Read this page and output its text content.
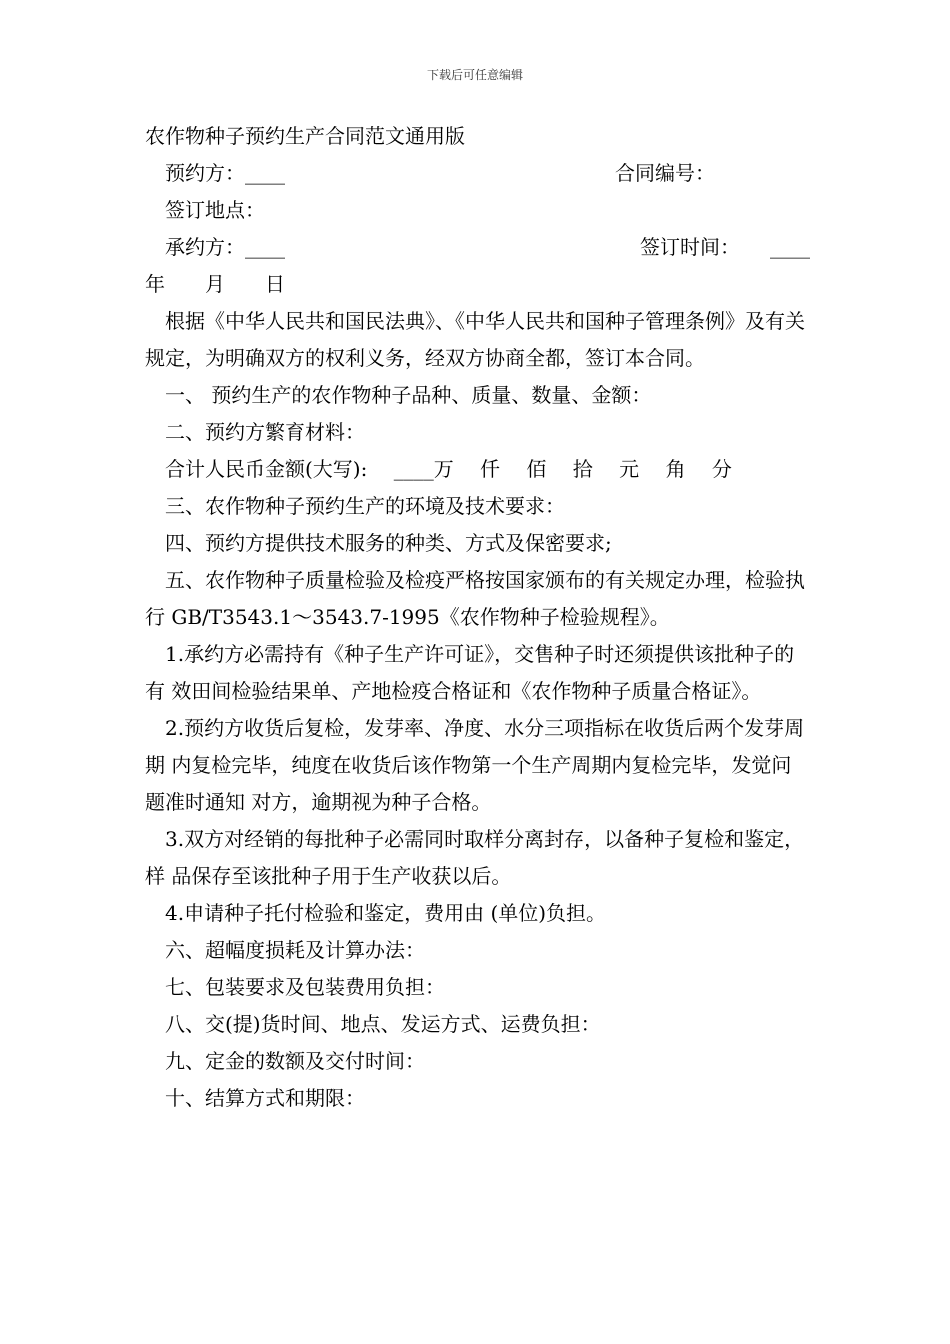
下载后可任意编辑
农作物种子预约生产合同范文通用版
预约方：____	合同编号：
签订地点：
承约方：____	签订时间：　　____
年　　月　　日
根据《中华人民共和国民法典》、《中华人民共和国种子管理条例》及有关规定，为明确双方的权利义务，经双方协商全都，签订本合同。
一、 预约生产的农作物种子品种、质量、数量、金额：
二、预约方繁育材料：
合计人民币金额(大写):　 ____万　 仟　 佰　 拾　 元　 角　 分
三、农作物种子预约生产的环境及技术要求：
四、预约方提供技术服务的种类、方式及保密要求;
五、农作物种子质量检验及检疫严格按国家颁布的有关规定办理，检验执行 GB/T3543.1～3543.7-1995《农作物种子检验规程》。
1.承约方必需持有《种子生产许可证》，交售种子时还须提供该批种子的有 效田间检验结果单、产地检疫合格证和《农作物种子质量合格证》。
2.预约方收货后复检，发芽率、净度、水分三项指标在收货后两个发芽周期 内复检完毕，纯度在收货后该作物第一个生产周期内复检完毕，发觉问题准时通知 对方，逾期视为种子合格。
3.双方对经销的每批种子必需同时取样分离封存，以备种子复检和鉴定，样 品保存至该批种子用于生产收获以后。
4.申请种子托付检验和鉴定，费用由 (单位)负担。
六、超幅度损耗及计算办法：
七、包装要求及包装费用负担：
八、交(提)货时间、地点、发运方式、运费负担：
九、定金的数额及交付时间：
十、结算方式和期限：
